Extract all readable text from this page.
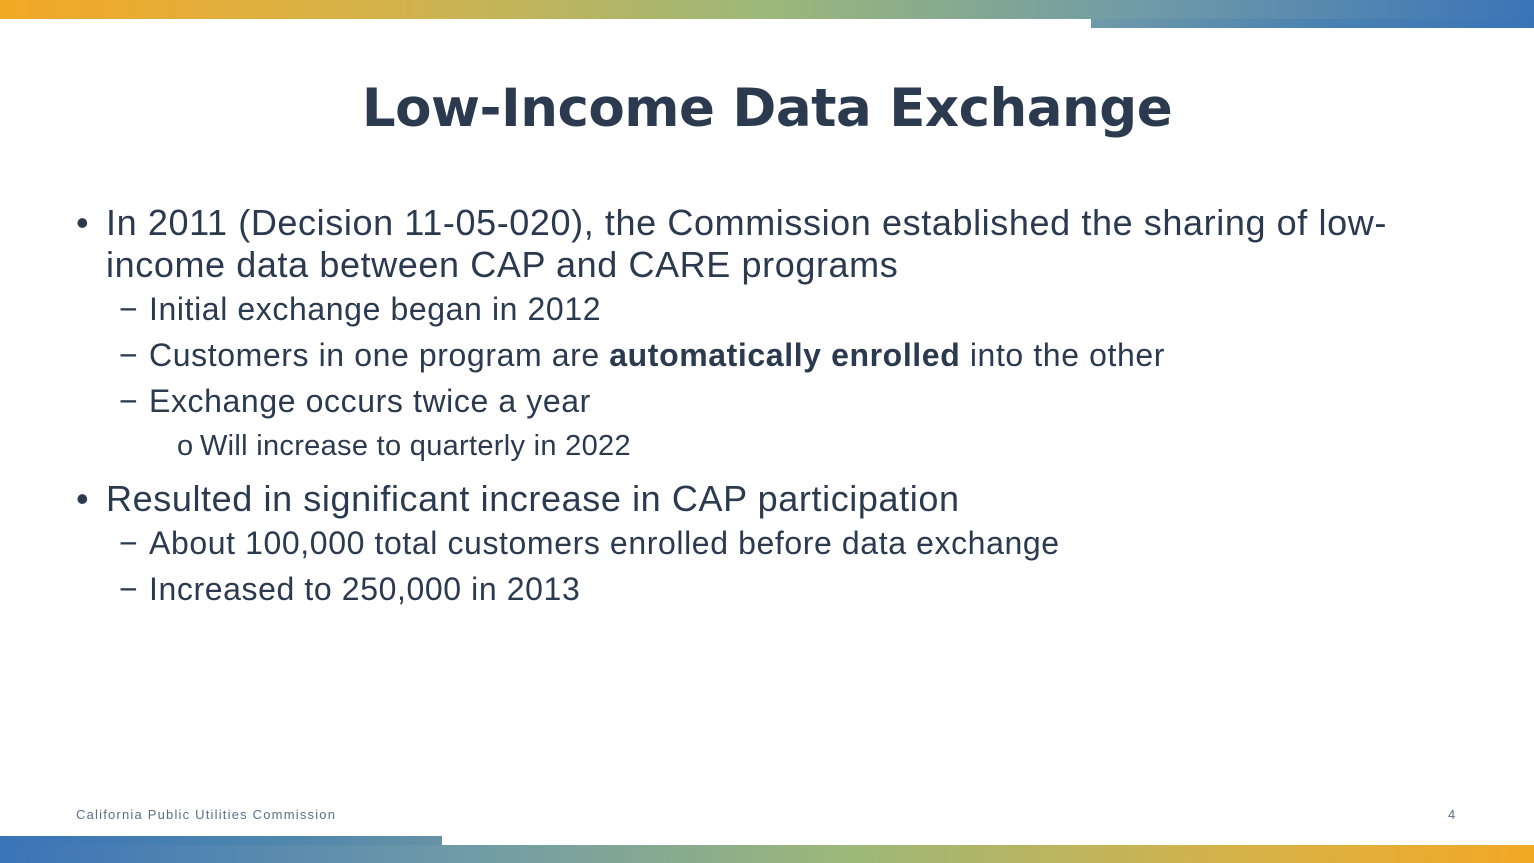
Low-Income Data Exchange
• In 2011 (Decision 11-05-020), the Commission established the sharing of low-income data between CAP and CARE programs
− Initial exchange began in 2012
− Customers in one program are automatically enrolled into the other
− Exchange occurs twice a year
o Will increase to quarterly in 2022
• Resulted in significant increase in CAP participation
− About 100,000 total customers enrolled before data exchange
− Increased to 250,000 in 2013
California Public Utilities Commission	4
